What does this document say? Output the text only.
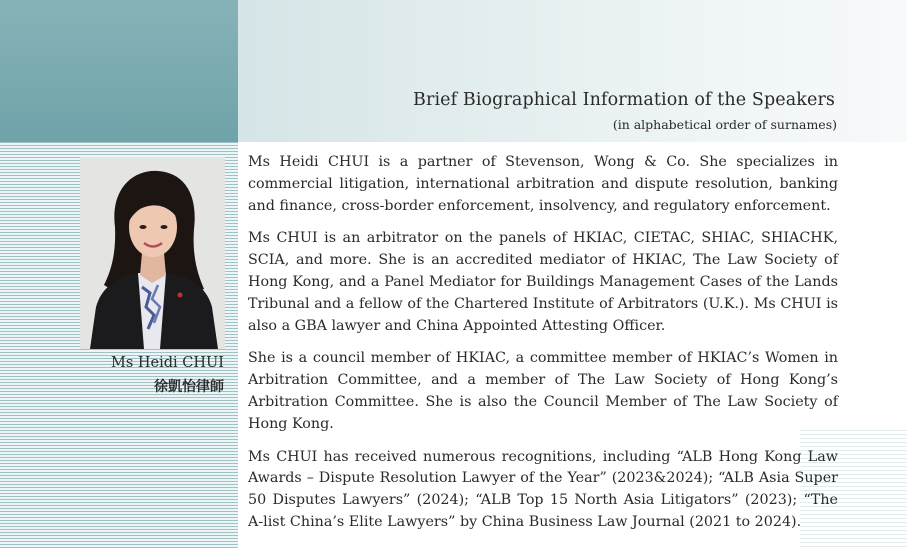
Brief Biographical Information of the Speakers
(in alphabetical order of surnames)
Ms Heidi CHUI
徐凱怡律師

Ms Heidi CHUI is a partner of Stevenson, Wong & Co. She specializes in commercial litigation, international arbitration and dispute resolution, banking and finance, cross-border enforcement, insolvency, and regulatory enforcement.

Ms CHUI is an arbitrator on the panels of HKIAC, CIETAC, SHIAC, SHIACHK, SCIA, and more. She is an accredited mediator of HKIAC, The Law Society of Hong Kong, and a Panel Mediator for Buildings Management Cases of the Lands Tribunal and a fellow of the Chartered Institute of Arbitrators (U.K.). Ms CHUI is also a GBA lawyer and China Appointed Attesting Officer.

She is a council member of HKIAC, a committee member of HKIAC’s Women in Arbitration Committee, and a member of The Law Society of Hong Kong’s Arbitration Committee. She is also the Council Member of The Law Society of Hong Kong.

Ms CHUI has received numerous recognitions, including “ALB Hong Kong Law Awards – Dispute Resolution Lawyer of the Year” (2023&2024); “ALB Asia Super 50 Disputes Lawyers” (2024); “ALB Top 15 North Asia Litigators” (2023); “The A-list China’s Elite Lawyers” by China Business Law Journal (2021 to 2024).
